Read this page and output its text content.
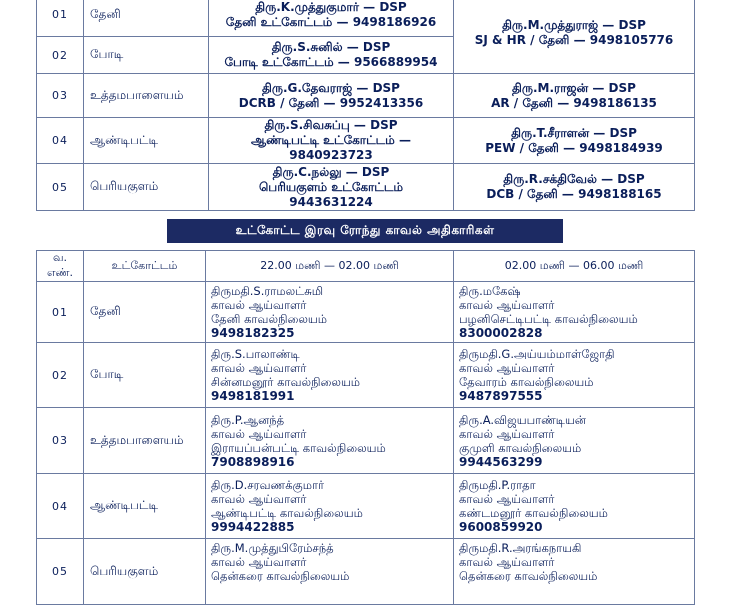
01	தேனி	திரு.K.முத்துகுமார் — DSP
தேனி உட்கோட்டம் — 9498186926	திரு.M.முத்துராஜ் — DSP
SJ & HR / தேனி — 9498105776

02	போடி	திரு.S.சுனில் — DSP
போடி உட்கோட்டம் — 9566889954	

03	உத்தமபாளையம்	திரு.G.தேவராஜ் — DSP
DCRB / தேனி — 9952413356	திரு.M.ராஜன் — DSP
AR / தேனி — 9498186135

04	ஆண்டிபட்டி	திரு.S.சிவசுப்பு — DSP
ஆண்டிபட்டி உட்கோட்டம் —
9840923723	திரு.T.சீராளன் — DSP
PEW / தேனி — 9498184939

05	பெரியகுளம்	திரு.C.நல்லு — DSP
பெரியகுளம் உட்கோட்டம்
9443631224	திரு.R.சக்திவேல் — DSP
DCB / தேனி — 9498188165
உட்கோட்ட இரவு ரோந்து காவல் அதிகாரிகள்
வ.
எண்.	உட்கோட்டம்	22.00 மணி — 02.00 மணி	02.00 மணி — 06.00 மணி
01	தேனி	திருமதி.S.ராமலட்சுமி
காவல் ஆய்வாளர்
தேனி காவல்நிலையம்
9498182325	திரு.மகேஷ்
காவல் ஆய்வாளர்
பழனிசெட்டிபட்டி காவல்நிலையம்
8300002828

02	போடி	திரு.S.பாலாண்டி
காவல் ஆய்வாளர்
சின்னமனூர் காவல்நிலையம்
9498181991	திருமதி.G.அய்யம்மாள்ஜோதி
காவல் ஆய்வாளர்
தேவாரம் காவல்நிலையம்
9487897555

03	உத்தமபாளையம்	திரு.P.ஆனந்த்
காவல் ஆய்வாளர்
இராயப்பன்பட்டி காவல்நிலையம்
7908898916	திரு.A.விஜயபாண்டியன்
காவல் ஆய்வாளர்
குமுளி காவல்நிலையம்
9944563299

04	ஆண்டிபட்டி	திரு.D.சரவணக்குமார்
காவல் ஆய்வாளர்
ஆண்டிபட்டி காவல்நிலையம்
9994422885	திருமதி.P.ராதா
காவல் ஆய்வாளர்
கண்டமனூர் காவல்நிலையம்
9600859920

05	பெரியகுளம்	திரு.M.முத்துபிரேம்சந்த்
காவல் ஆய்வாளர்
தென்கரை காவல்நிலையம்	திருமதி.R.அரங்கநாயகி
காவல் ஆய்வாளர்
தென்கரை காவல்நிலையம்
